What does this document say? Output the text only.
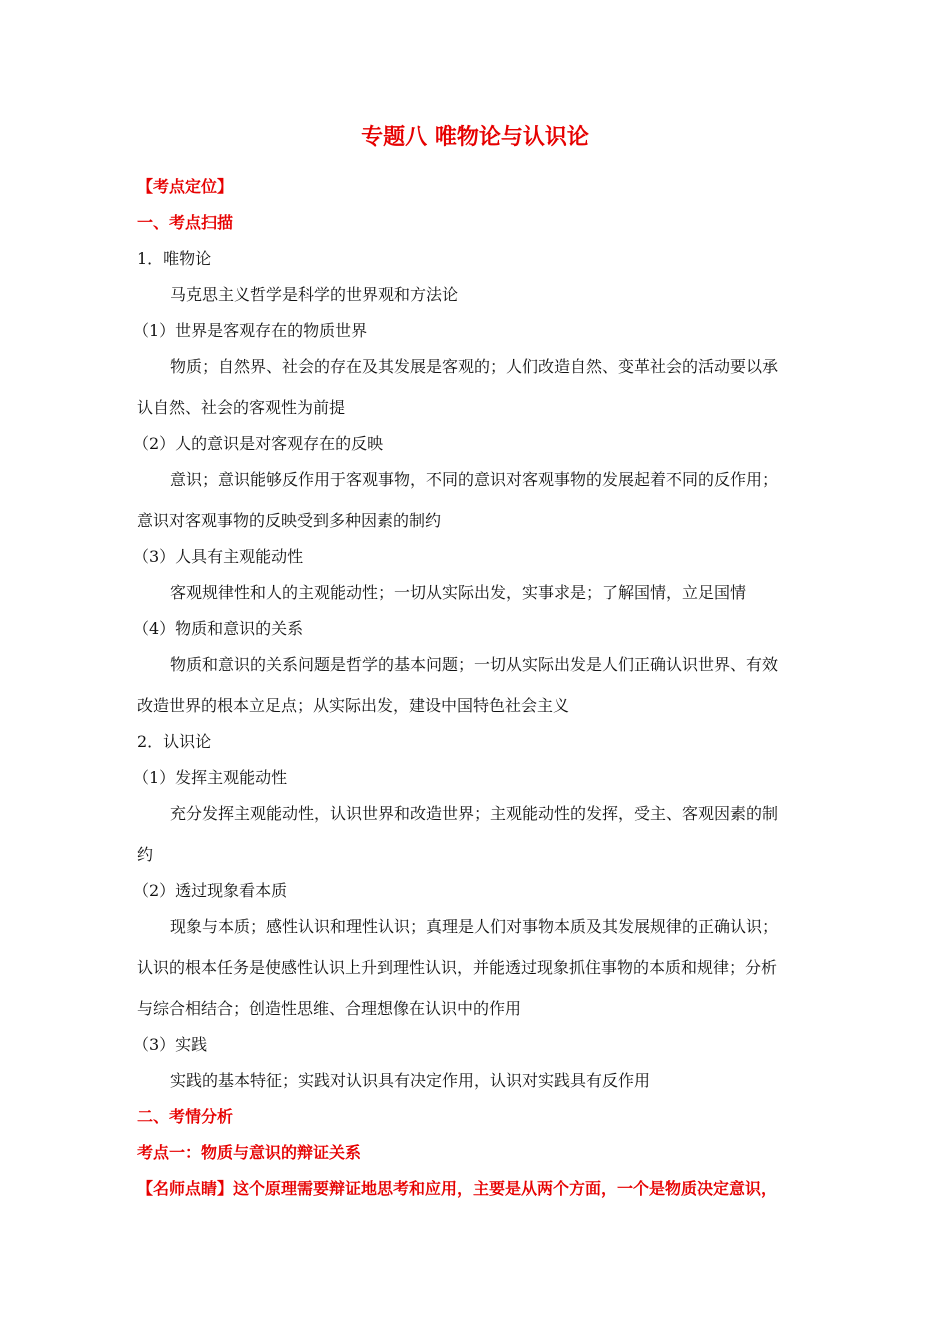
专题八 唯物论与认识论
【考点定位】
一、考点扫描
1．唯物论
马克思主义哲学是科学的世界观和方法论
（1）世界是客观存在的物质世界
物质；自然界、社会的存在及其发展是客观的；人们改造自然、变革社会的活动要以承
认自然、社会的客观性为前提
（2）人的意识是对客观存在的反映
意识；意识能够反作用于客观事物，不同的意识对客观事物的发展起着不同的反作用；
意识对客观事物的反映受到多种因素的制约
（3）人具有主观能动性
客观规律性和人的主观能动性；一切从实际出发，实事求是；了解国情，立足国情
（4）物质和意识的关系
物质和意识的关系问题是哲学的基本问题；一切从实际出发是人们正确认识世界、有效
改造世界的根本立足点；从实际出发，建设中国特色社会主义
2．认识论
（1）发挥主观能动性
充分发挥主观能动性，认识世界和改造世界；主观能动性的发挥，受主、客观因素的制
约
（2）透过现象看本质
现象与本质；感性认识和理性认识；真理是人们对事物本质及其发展规律的正确认识；
认识的根本任务是使感性认识上升到理性认识，并能透过现象抓住事物的本质和规律；分析
与综合相结合；创造性思维、合理想像在认识中的作用
（3）实践
实践的基本特征；实践对认识具有决定作用，认识对实践具有反作用
二、考情分析
考点一：物质与意识的辩证关系
【名师点睛】这个原理需要辩证地思考和应用，主要是从两个方面，一个是物质决定意识，
